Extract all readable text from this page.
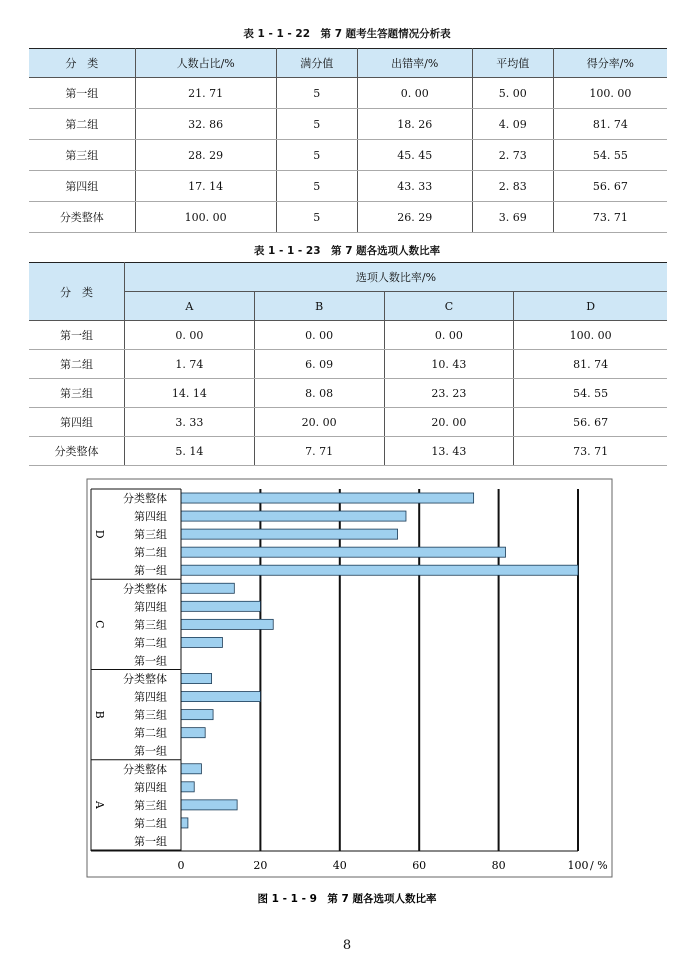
表 1 - 1 - 22　第 7 题考生答题情况分析表
分　类	人数占比/%	满分值	出错率/%	平均值	得分率/%
第一组	21. 71	5	0. 00	5. 00	100. 00
第二组	32. 86	5	18. 26	4. 09	81. 74
第三组	28. 29	5	45. 45	2. 73	54. 55
第四组	17. 14	5	43. 33	2. 83	56. 67
分类整体	100. 00	5	26. 29	3. 69	73. 71
表 1 - 1 - 23　第 7 题各选项人数比率
分　类	选项人数比率/%			
	A	B	C	D
第一组	0. 00	0. 00	0. 00	100. 00
第二组	1. 74	6. 09	10. 43	81. 74
第三组	14. 14	8. 08	23. 23	54. 55
第四组	3. 33	20. 00	20. 00	56. 67
分类整体	5. 14	7. 71	13. 43	73. 71
0	20	40	60	80	100 / %
D
分类整体
第四组
第三组
第二组
第一组
C
分类整体
第四组
第三组
第二组
第一组
B
分类整体
第四组
第三组
第二组
第一组
A
分类整体
第四组
第三组
第二组
第一组
图 1 - 1 - 9　第 7 题各选项人数比率
8
